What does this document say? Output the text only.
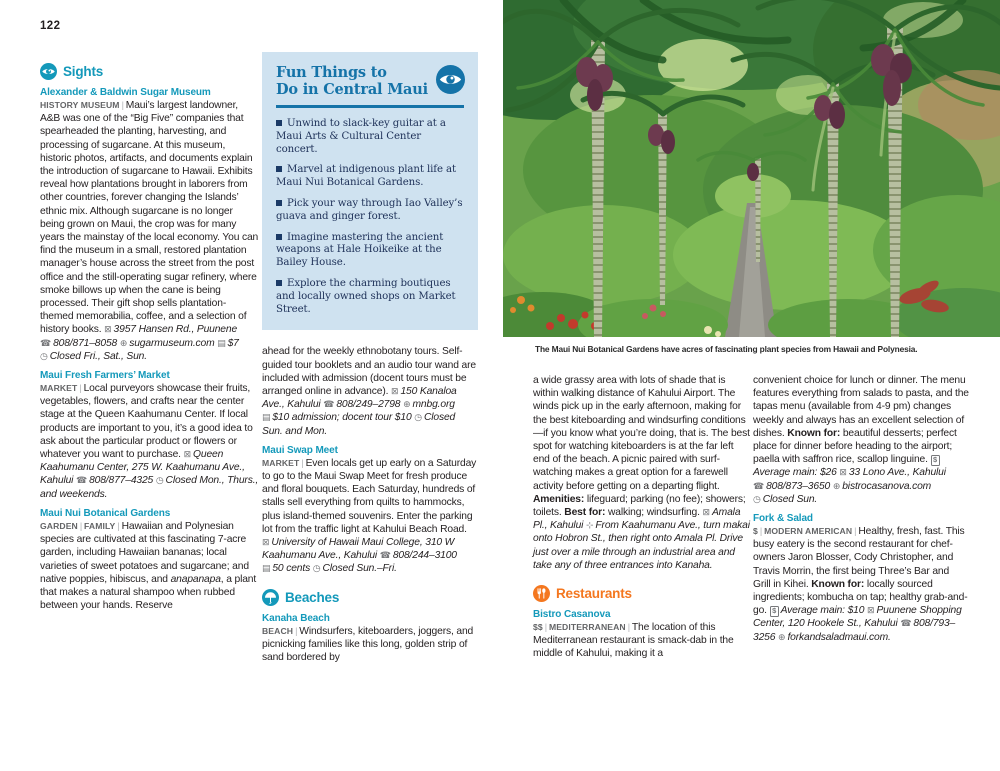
122
The Maui Nui Botanical Gardens have acres of fascinating plant species from Hawaii and Polynesia.
Sights
Alexander & Baldwin Sugar Museum

HISTORY MUSEUM | Maui’s largest landowner, A&B was one of the “Big Five” companies that spearheaded the planting, harvesting, and processing of sugarcane. At this museum, historic photos, artifacts, and documents explain the introduction of sugarcane to Hawaii. Exhibits reveal how plantations brought in laborers from other countries, forever changing the Islands’ ethnic mix. Although sugarcane is no longer being grown on Maui, the crop was for many years the mainstay of the local economy. You can find the museum in a small, restored plantation manager’s house across the street from the post office and the still-operating sugar refinery, where smoke billows up when the cane is being processed. Their gift shop sells plantation-themed memorabilia, coffee, and a selection of history books. ⊠ 3957 Hansen Rd., Puunene ☎ 808/871–8058 ⊕ sugarmuseum.com ▤ $7 ◷ Closed Fri., Sat., Sun.

Maui Fresh Farmers’ Market

MARKET | Local purveyors showcase their fruits, vegetables, flowers, and crafts near the center stage at the Queen Kaahumanu Center. If local products are important to you, it’s a good idea to ask about the particular product or flowers or whatever you want to purchase. ⊠ Queen Kaahumanu Center, 275 W. Kaahumanu Ave., Kahului ☎ 808/877–4325 ◷ Closed Mon., Thurs., and weekends.

Maui Nui Botanical Gardens

GARDEN | FAMILY | Hawaiian and Polynesian species are cultivated at this fascinating 7-acre garden, including Hawaiian bananas; local varieties of sweet potatoes and sugarcane; and native poppies, hibiscus, and anapanapa, a plant that makes a natural shampoo when rubbed between your hands. Reserve

Fun Things to
Do in Central Maui

Unwind to slack-key guitar at a Maui Arts & Cultural Center concert.

Marvel at indigenous plant life at Maui Nui Botanical Gardens.

Pick your way through Iao Valley’s guava and ginger forest.

Imagine mastering the ancient weapons at Hale Hoikeike at the Bailey House.

Explore the charming boutiques and locally owned shops on Market Street.

ahead for the weekly ethnobotany tours. Self-guided tour booklets and an audio tour wand are included with admission (docent tours must be arranged online in advance). ⊠ 150 Kanaloa Ave., Kahului ☎ 808/249–2798 ⊕ mnbg.org ▤ $10 admission; docent tour $10 ◷ Closed Sun. and Mon.

Maui Swap Meet

MARKET | Even locals get up early on a Saturday to go to the Maui Swap Meet for fresh produce and floral bouquets. Each Saturday, hundreds of stalls sell everything from quilts to hammocks, plus island-themed souvenirs. Enter the parking lot from the traffic light at Kahului Beach Road. ⊠ University of Hawaii Maui College, 310 W Kaahumanu Ave., Kahului ☎ 808/244–3100 ▤ 50 cents ◷ Closed Sun.–Fri.

Beaches
Kanaha Beach

BEACH | Windsurfers, kiteboarders, joggers, and picnicking families like this long, golden strip of sand bordered by

a wide grassy area with lots of shade that is within walking distance of Kahului Airport. The winds pick up in the early afternoon, making for the best kiteboarding and windsurfing conditions—if you know what you’re doing, that is. The best spot for watching kiteboarders is at the far left end of the beach. A picnic paired with surf-watching makes a great option for a farewell activity before getting on a departing flight. Amenities: lifeguard; parking (no fee); showers; toilets. Best for: walking; windsurfing. ⊠ Amala Pl., Kahului ⊹ From Kaahumanu Ave., turn makai onto Hobron St., then right onto Amala Pl. Drive just over a mile through an industrial area and take any of three entrances into Kanaha.

Restaurants
Bistro Casanova

$$ | MEDITERRANEAN | The location of this Mediterranean restaurant is smack-dab in the middle of Kahului, making it a

convenient choice for lunch or dinner. The menu features everything from salads to pasta, and the tapas menu (available from 4-9 pm) changes weekly and always has an excellent selection of dishes. Known for: beautiful desserts; perfect place for dinner before heading to the airport; paella with saffron rice, scallop linguine. $Average main: $26 ⊠ 33 Lono Ave., Kahului ☎ 808/873–3650 ⊕ bistrocasanova.com ◷ Closed Sun.

Fork & Salad

$ | MODERN AMERICAN | Healthy, fresh, fast. This busy eatery is the second restaurant for chef-owners Jaron Blosser, Cody Christopher, and Travis Morrin, the first being Three’s Bar and Grill in Kihei. Known for: locally sourced ingredients; kombucha on tap; healthy grab-and-go. $ Average main: $10 ⊠ Puunene Shopping Center, 120 Hookele St., Kahului ☎ 808/793–3256 ⊕ forkandsaladmaui.com.
